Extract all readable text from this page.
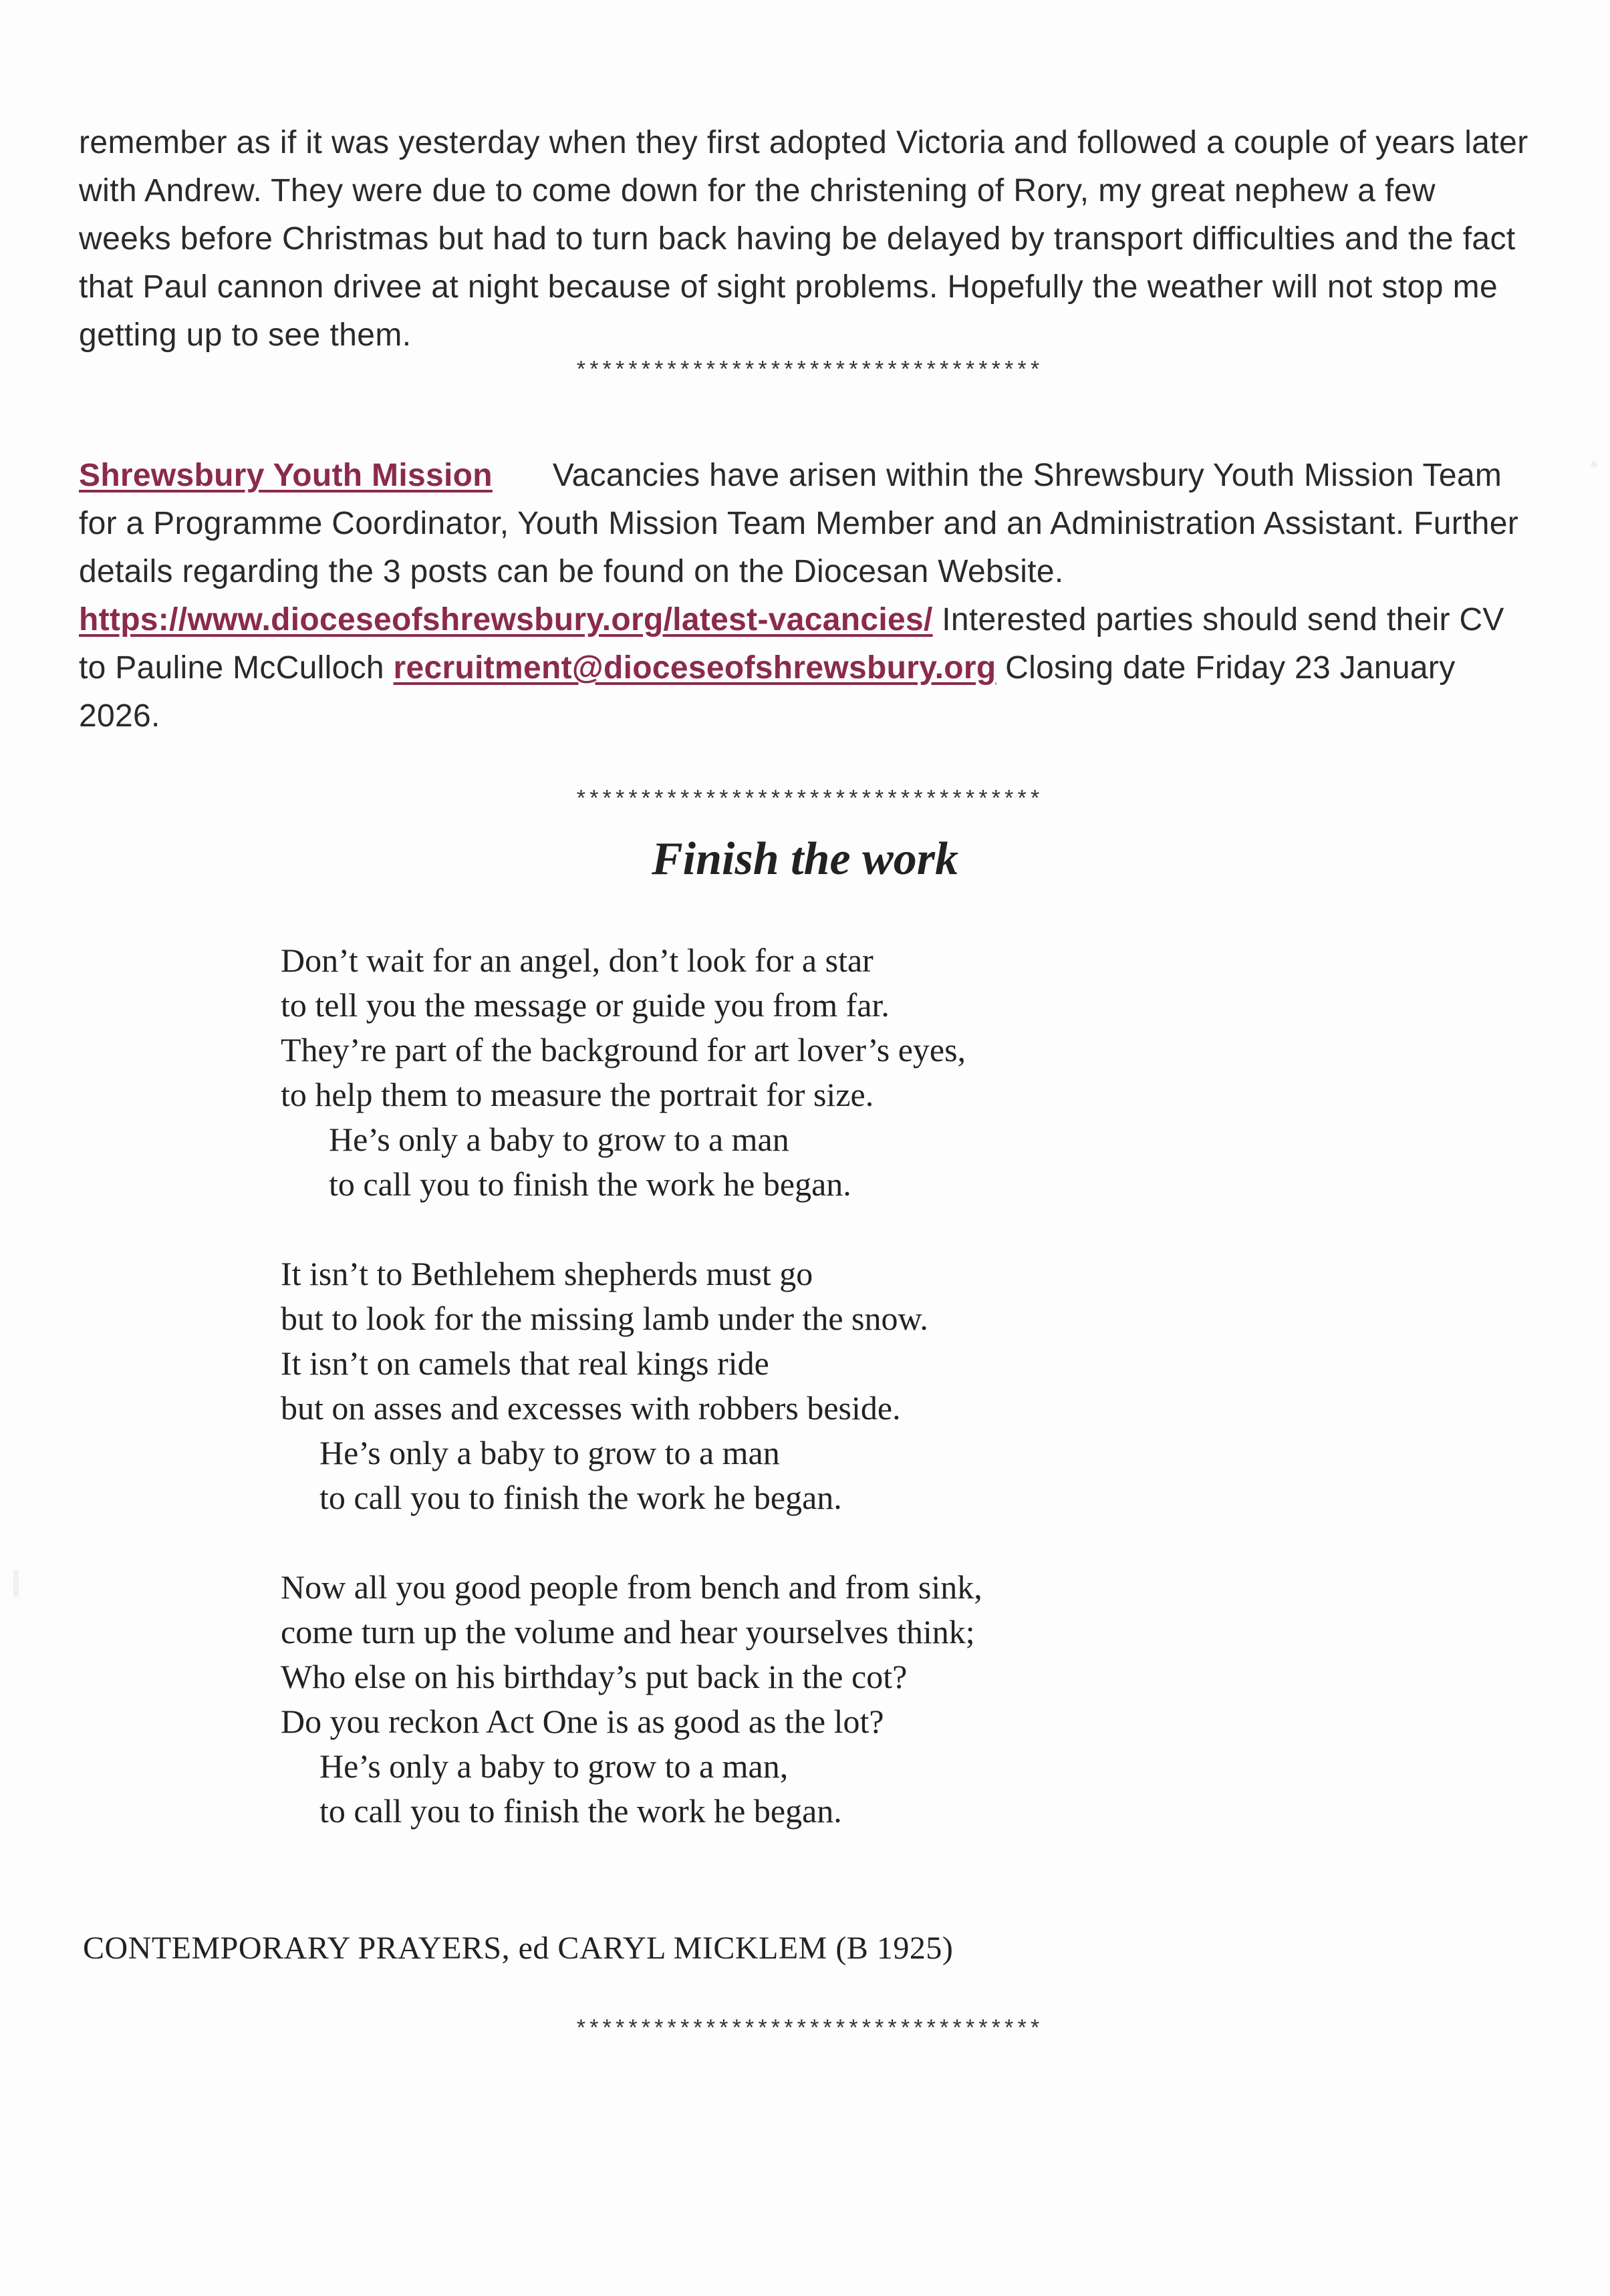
remember as if it was yesterday when they first adopted Victoria and followed a couple of years later with Andrew. They were due to come down for the christening of Rory, my great nephew a few weeks before Christmas but had to turn back having be delayed by transport difficulties and the fact that Paul cannon drivee at night because of sight problems. Hopefully the weather will not stop me getting up to see them.
************************************
Shrewsbury Youth Mission Vacancies have arisen within the Shrewsbury Youth Mission Team for a Programme Coordinator, Youth Mission Team Member and an Administration Assistant. Further details regarding the 3 posts can be found on the Diocesan Website. https://www.dioceseofshrewsbury.org/latest-vacancies/ Interested parties should send their CV to Pauline McCulloch recruitment@dioceseofshrewsbury.org Closing date Friday 23 January 2026.
************************************
Finish the work
Don’t wait for an angel, don’t look for a star
to tell you the message or guide you from far.
They’re part of the background for art lover’s eyes,
to help them to measure the portrait for size.
He’s only a baby to grow to a man
to call you to finish the work he began.
It isn’t to Bethlehem shepherds must go
but to look for the missing lamb under the snow.
It isn’t on camels that real kings ride
but on asses and excesses with robbers beside.
He’s only a baby to grow to a man
to call you to finish the work he began.
Now all you good people from bench and from sink,
come turn up the volume and hear yourselves think;
Who else on his birthday’s put back in the cot?
Do you reckon Act One is as good as the lot?
He’s only a baby to grow to a man,
to call you to finish the work he began.
CONTEMPORARY PRAYERS, ed CARYL MICKLEM (B 1925)
************************************
